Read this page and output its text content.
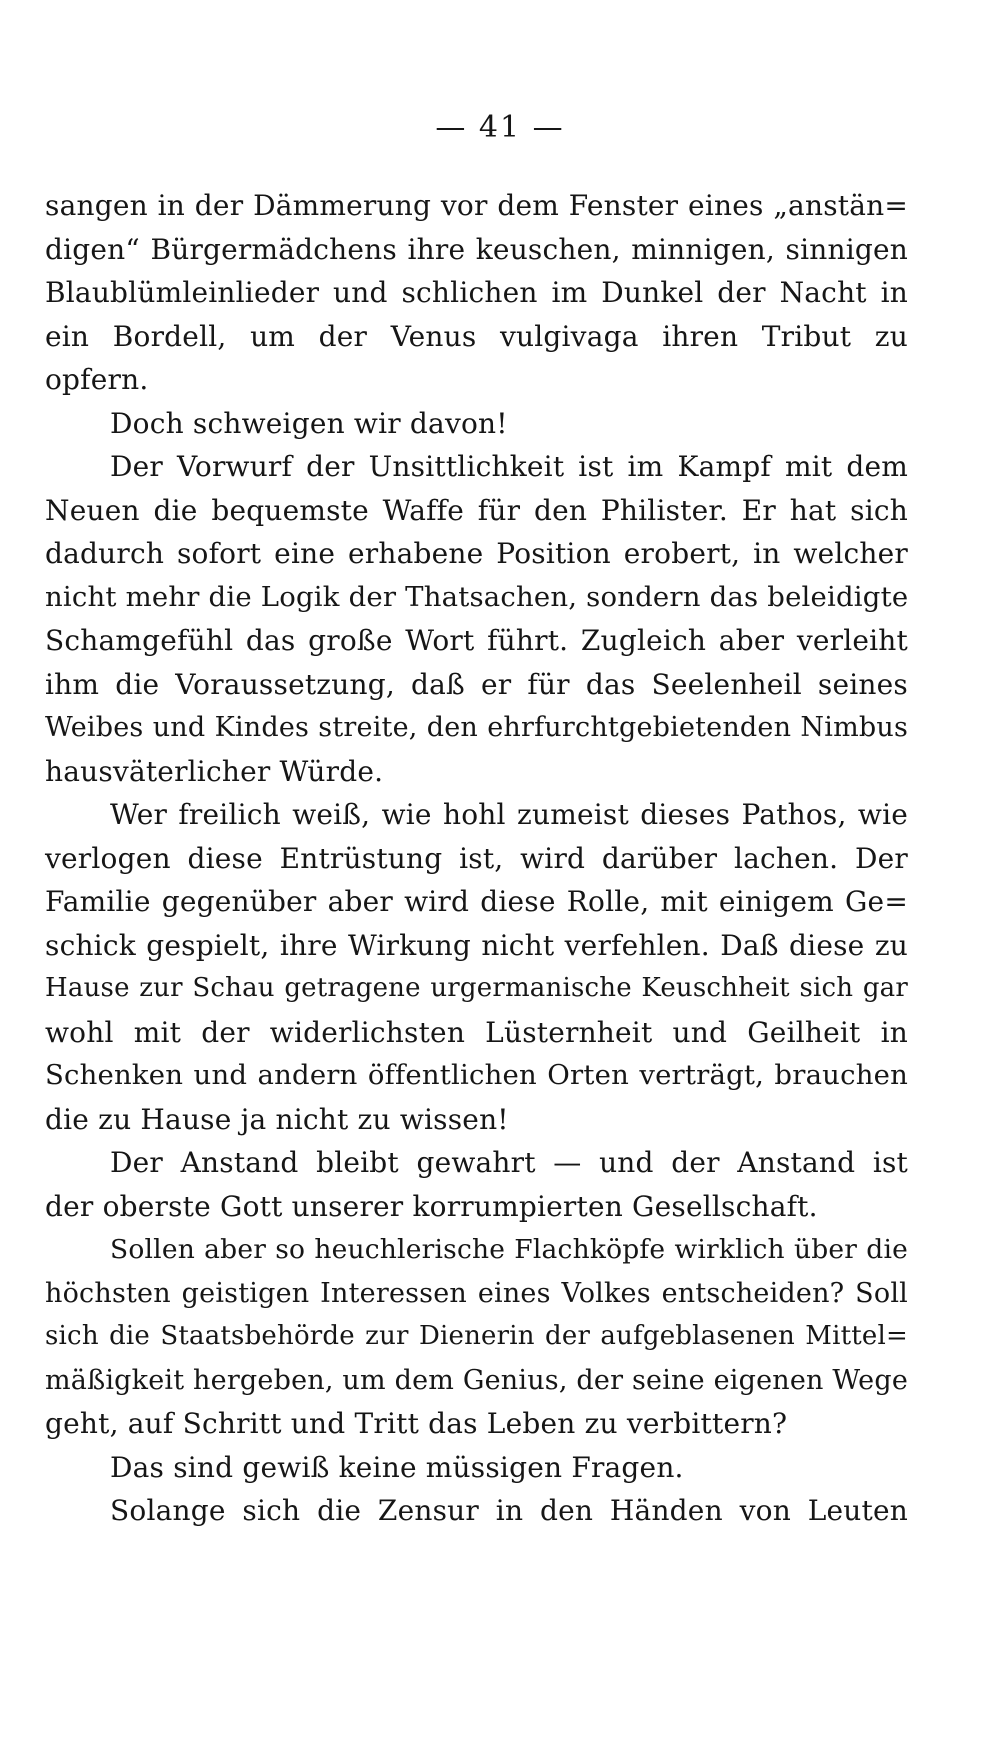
— 41 —
sangen in der Dämmerung vor dem Fenster eines „anstän=
digen“ Bürgermädchens ihre keuschen, minnigen, sinnigen
Blaublümleinlieder und schlichen im Dunkel der Nacht in
ein Bordell, um der Venus vulgivaga ihren Tribut zu
opfern.
Doch schweigen wir davon!
Der Vorwurf der Unsittlichkeit ist im Kampf mit dem
Neuen die bequemste Waffe für den Philister. Er hat sich
dadurch sofort eine erhabene Position erobert, in welcher
nicht mehr die Logik der Thatsachen, sondern das beleidigte
Schamgefühl das große Wort führt. Zugleich aber verleiht
ihm die Voraussetzung, daß er für das Seelenheil seines
Weibes und Kindes streite, den ehrfurchtgebietenden Nimbus
hausväterlicher Würde.
Wer freilich weiß, wie hohl zumeist dieses Pathos, wie
verlogen diese Entrüstung ist, wird darüber lachen. Der
Familie gegenüber aber wird diese Rolle, mit einigem Ge=
schick gespielt, ihre Wirkung nicht verfehlen. Daß diese zu
Hause zur Schau getragene urgermanische Keuschheit sich gar
wohl mit der widerlichsten Lüsternheit und Geilheit in
Schenken und andern öffentlichen Orten verträgt, brauchen
die zu Hause ja nicht zu wissen!
Der Anstand bleibt gewahrt — und der Anstand ist
der oberste Gott unserer korrumpierten Gesellschaft.
Sollen aber so heuchlerische Flachköpfe wirklich über die
höchsten geistigen Interessen eines Volkes entscheiden? Soll
sich die Staatsbehörde zur Dienerin der aufgeblasenen Mittel=
mäßigkeit hergeben, um dem Genius, der seine eigenen Wege
geht, auf Schritt und Tritt das Leben zu verbittern?
Das sind gewiß keine müssigen Fragen.
Solange sich die Zensur in den Händen von Leuten
